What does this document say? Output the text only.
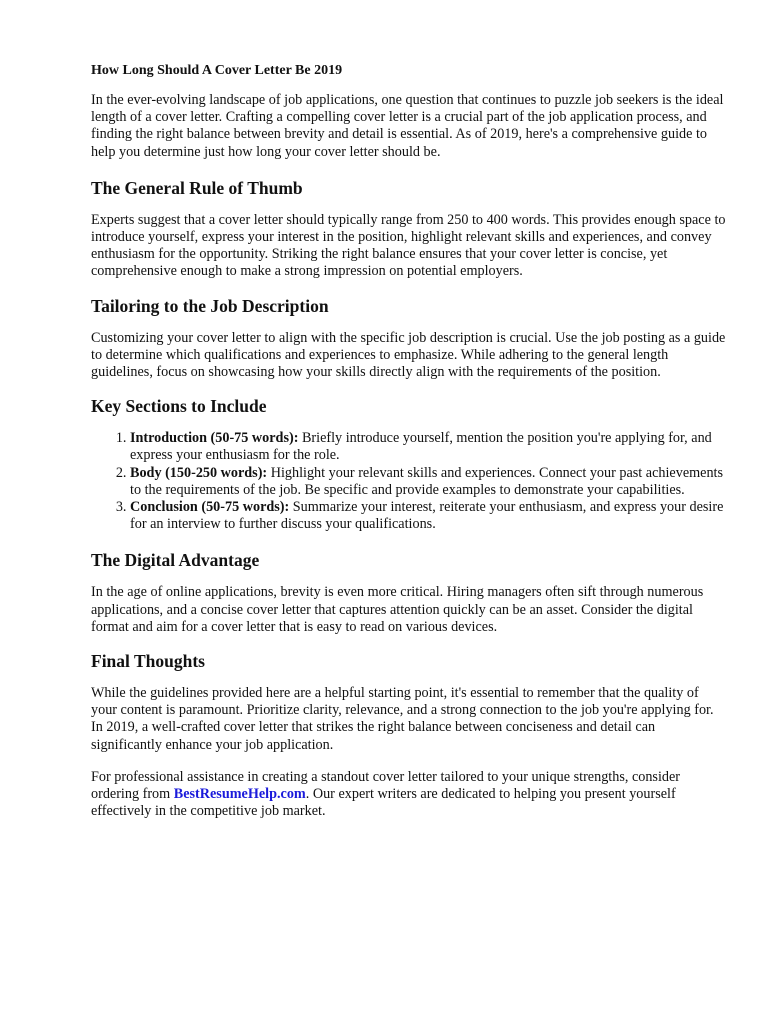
How Long Should A Cover Letter Be 2019

In the ever-evolving landscape of job applications, one question that continues to puzzle job seekers is the ideal length of a cover letter. Crafting a compelling cover letter is a crucial part of the job application process, and finding the right balance between brevity and detail is essential. As of 2019, here's a comprehensive guide to help you determine just how long your cover letter should be.

The General Rule of Thumb

Experts suggest that a cover letter should typically range from 250 to 400 words. This provides enough space to introduce yourself, express your interest in the position, highlight relevant skills and experiences, and convey enthusiasm for the opportunity. Striking the right balance ensures that your cover letter is concise, yet comprehensive enough to make a strong impression on potential employers.

Tailoring to the Job Description

Customizing your cover letter to align with the specific job description is crucial. Use the job posting as a guide to determine which qualifications and experiences to emphasize. While adhering to the general length guidelines, focus on showcasing how your skills directly align with the requirements of the position.

Key Sections to Include
1. Introduction (50-75 words): Briefly introduce yourself, mention the position you're applying for, and express your enthusiasm for the role.
2. Body (150-250 words): Highlight your relevant skills and experiences. Connect your past achievements to the requirements of the job. Be specific and provide examples to demonstrate your capabilities.
3. Conclusion (50-75 words): Summarize your interest, reiterate your enthusiasm, and express your desire for an interview to further discuss your qualifications.
The Digital Advantage

In the age of online applications, brevity is even more critical. Hiring managers often sift through numerous applications, and a concise cover letter that captures attention quickly can be an asset. Consider the digital format and aim for a cover letter that is easy to read on various devices.

Final Thoughts

While the guidelines provided here are a helpful starting point, it's essential to remember that the quality of your content is paramount. Prioritize clarity, relevance, and a strong connection to the job you're applying for. In 2019, a well-crafted cover letter that strikes the right balance between conciseness and detail can significantly enhance your job application.

For professional assistance in creating a standout cover letter tailored to your unique strengths, consider ordering from BestResumeHelp.com. Our expert writers are dedicated to helping you present yourself effectively in the competitive job market.
